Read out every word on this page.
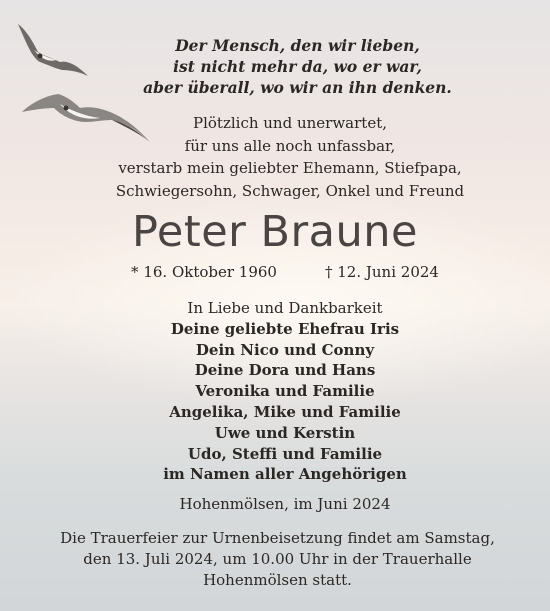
Der Mensch, den wir lieben,
ist nicht mehr da, wo er war,
aber überall, wo wir an ihn denken.
Plötzlich und unerwartet,
für uns alle noch unfassbar,
verstarb mein geliebter Ehemann, Stiefpapa,
Schwiegersohn, Schwager, Onkel und Freund
Peter Braune
* 16. Oktober 1960	† 12. Juni 2024
In Liebe und Dankbarkeit
Deine geliebte Ehefrau Iris
Dein Nico und Conny
Deine Dora und Hans
Veronika und Familie
Angelika, Mike und Familie
Uwe und Kerstin
Udo, Steffi und Familie
im Namen aller Angehörigen
Hohenmölsen, im Juni 2024
Die Trauerfeier zur Urnenbeisetzung findet am Samstag,
den 13. Juli 2024, um 10.00 Uhr in der Trauerhalle
Hohenmölsen statt.
